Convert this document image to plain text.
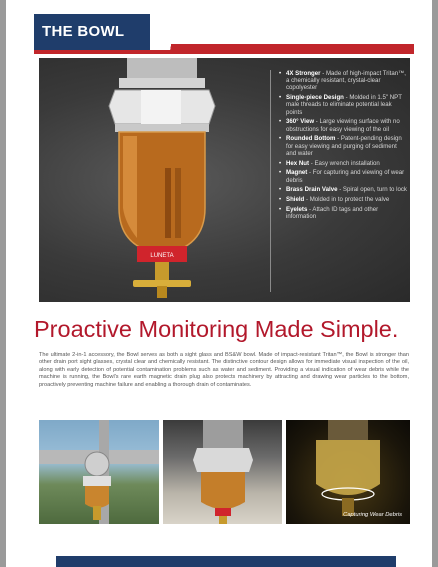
THE BOWL
LUNETA
• 4X Stronger - Made of high-impact Tritan™, a chemically resistant, crystal-clear copolyester
• Single-piece Design - Molded in 1.5" NPT male threads to eliminate potential leak points
• 360° View - Large viewing surface with no obstructions for easy viewing of the oil
• Rounded Bottom - Patent-pending design for easy viewing and purging of sediment and water
• Hex Nut - Easy wrench installation
• Magnet - For capturing and viewing of wear debris
• Brass Drain Valve - Spiral open, turn to lock
• Shield - Molded in to protect the valve
• Eyelets - Attach ID tags and other information
Proactive Monitoring Made Simple.

The ultimate 2-in-1 accessory, the Bowl serves as both a sight glass and BS&W bowl. Made of impact-resistant Tritan™, the Bowl is stronger than other drain port sight glasses, crystal clear and chemically resistant. The distinctive contour design allows for immediate visual inspection of the oil, along with early detection of potential contamination problems such as water and sediment. Providing a visual indication of wear debris while the machine is running, the Bowl's rare earth magnetic drain plug also protects machinery by attracting and drawing wear particles to the bottom, proactively preventing machine failure and enabling a thorough drain of contaminates.

Capturing Wear Debris
